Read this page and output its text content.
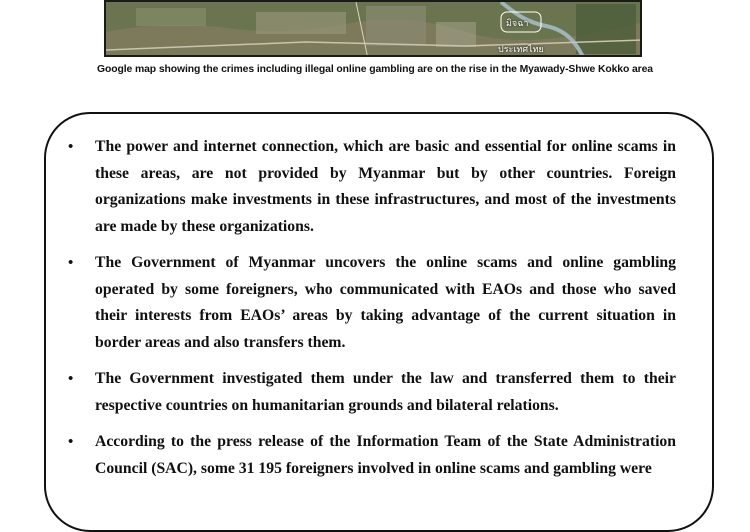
มิจฉา
ประเทศไทย
Google map showing the crimes including illegal online gambling are on the rise in the Myawady-Shwe Kokko area
• The power and internet connection, which are basic and essential for online scams in these areas, are not provided by Myanmar but by other countries. Foreign organizations make investments in these infrastructures, and most of the investments are made by these organizations.
• The Government of Myanmar uncovers the online scams and online gambling operated by some foreigners, who communicated with EAOs and those who saved their interests from EAOs’ areas by taking advantage of the current situation in border areas and also transfers them.
• The Government investigated them under the law and transferred them to their respective countries on humanitarian grounds and bilateral relations.
• According to the press release of the Information Team of the State Administration Council (SAC), some 31 195 foreigners involved in online scams and gambling were
